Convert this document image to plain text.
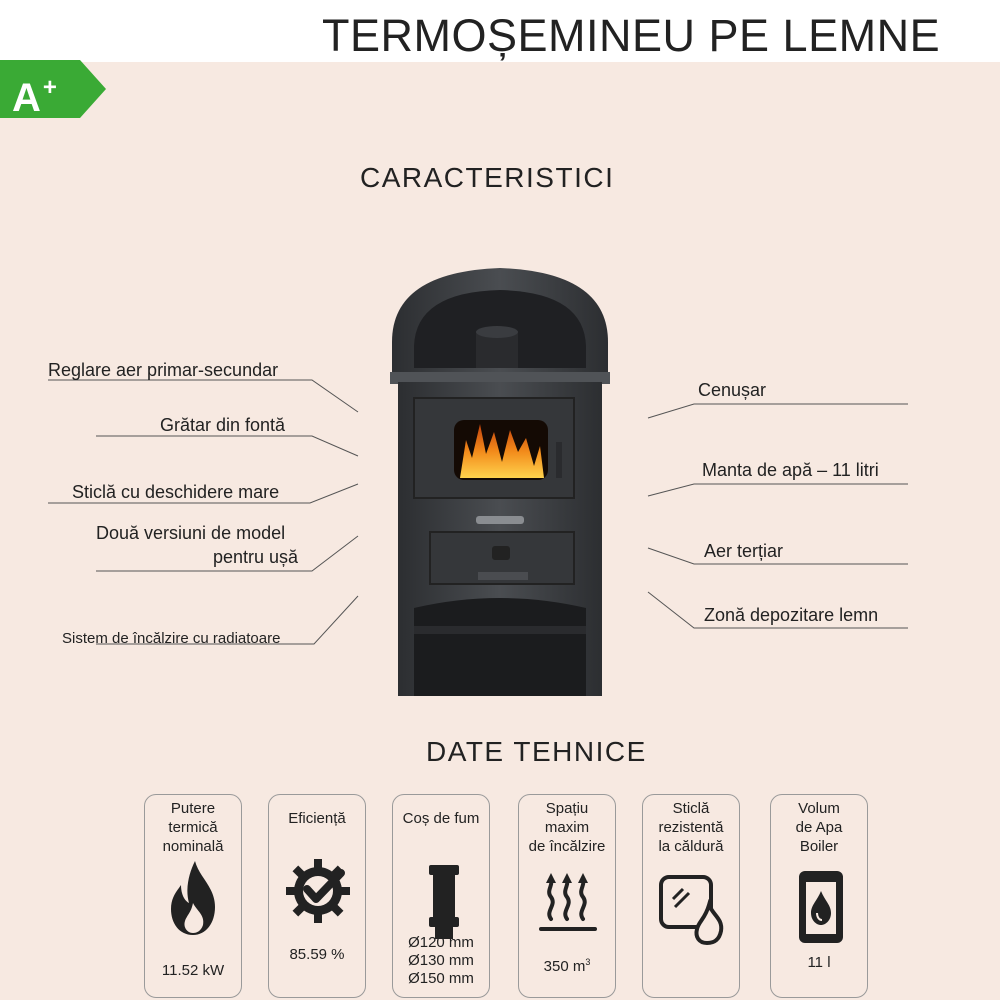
TERMOȘEMINEU PE LEMNE
A+
CARACTERISTICI
Reglare aer primar-secundar
Grătar din fontă
Sticlă cu deschidere mare
Două versiuni de model
pentru ușă
Sistem de încălzire cu radiatoare
Cenușar
Manta de apă – 11 litri
Aer terțiar
Zonă depozitare lemn
DATE TEHNICE
Putere
termică
nominală
11.52 kW
Eficiență
85.59 %
Coș de fum
Ø120 mm
Ø130 mm
Ø150 mm
Spațiu
maxim
de încălzire
350 $m^3$
Sticlă
rezistentă
la căldură
Volum
de Apa
Boiler
11 l
